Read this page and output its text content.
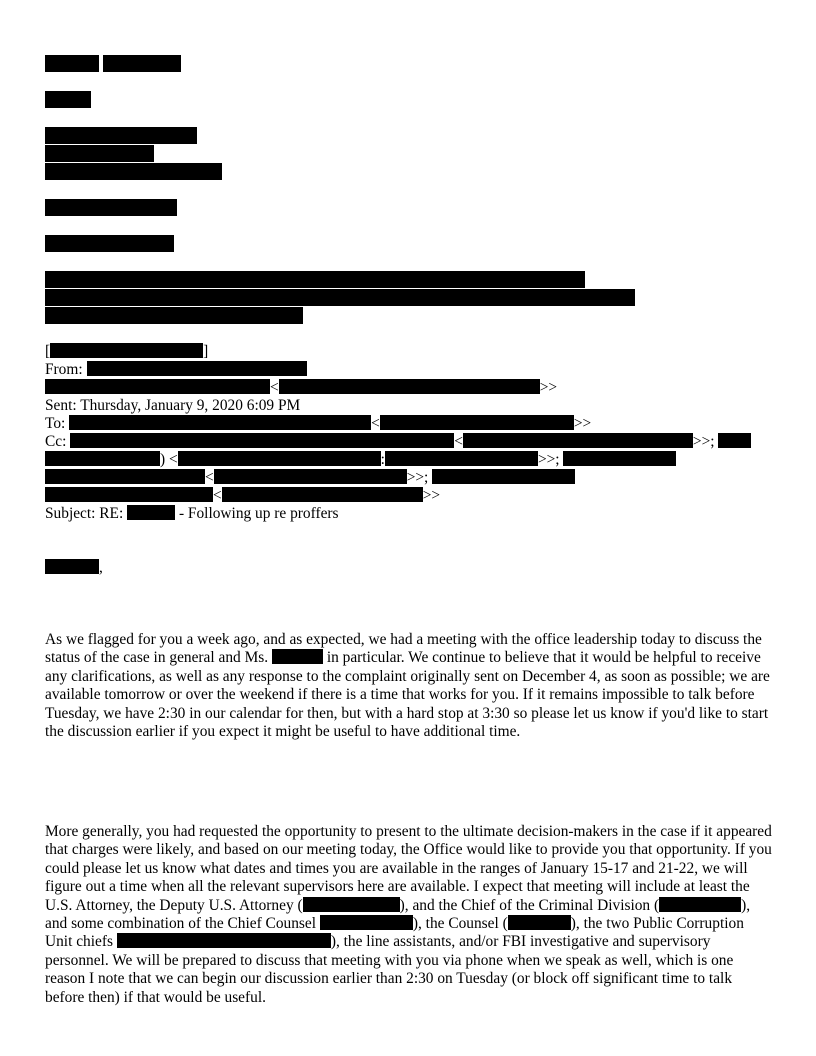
[	]
From:
<	>>
Sent: Thursday, January 9, 2020 6:09 PM
To:	<	>>
Cc:	<	>>;
) <	:	>>;
<	>>;
<	>>
Subject: RE:	- Following up re proffers
,
As we flagged for you a week ago, and as expected, we had a meeting with the office leadership today to discuss the status of the case in general and Ms.	in particular. We continue to believe that it would be helpful to receive any clarifications, as well as any response to the complaint originally sent on December 4, as soon as possible; we are available tomorrow or over the weekend if there is a time that works for you. If it remains impossible to talk before Tuesday, we have 2:30 in our calendar for then, but with a hard stop at 3:30 so please let us know if you'd like to start the discussion earlier if you expect it might be useful to have additional time.
More generally, you had requested the opportunity to present to the ultimate decision-makers in the case if it appeared that charges were likely, and based on our meeting today, the Office would like to provide you that opportunity. If you could please let us know what dates and times you are available in the ranges of January 15-17 and 21-22, we will figure out a time when all the relevant supervisors here are available. I expect that meeting will include at least the U.S. Attorney, the Deputy U.S. Attorney (	), and the Chief of the Criminal Division (	), and some combination of the Chief Counsel	), the Counsel (	), the two Public Corruption Unit chiefs	), the line assistants, and/or FBI investigative and supervisory personnel. We will be prepared to discuss that meeting with you via phone when we speak as well, which is one reason I note that we can begin our discussion earlier than 2:30 on Tuesday (or block off significant time to talk before then) if that would be useful.
